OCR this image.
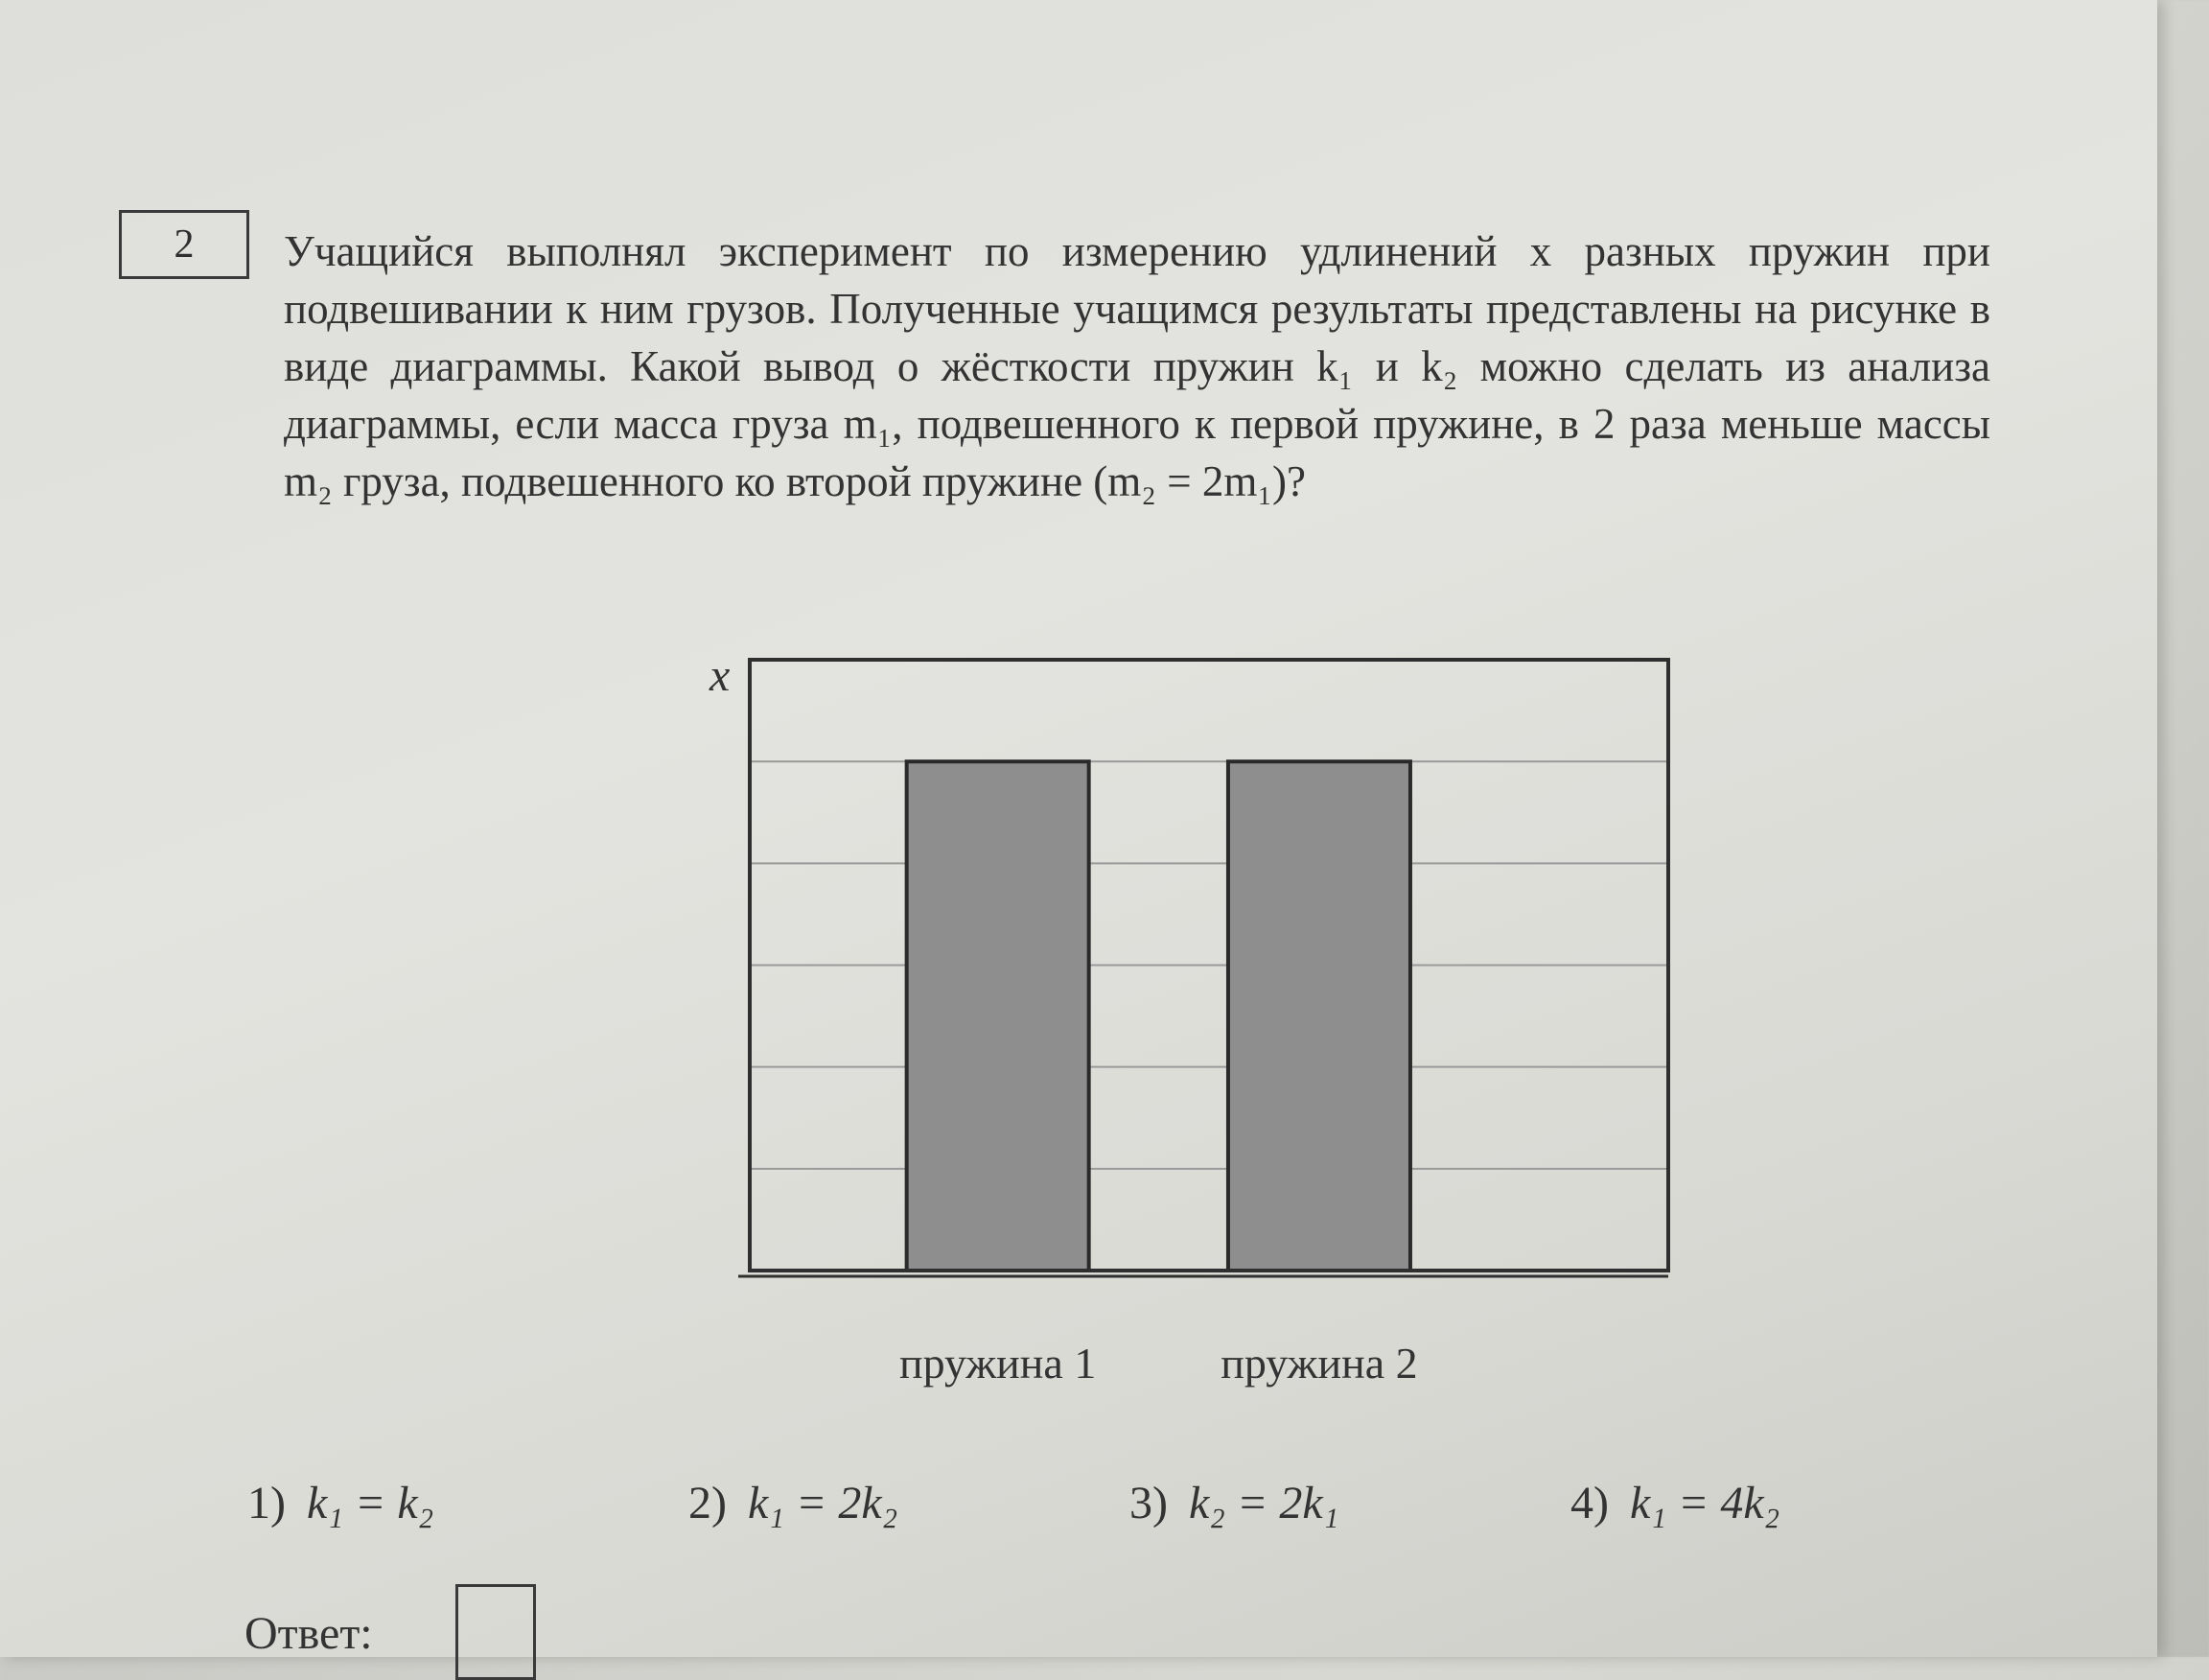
2 Учащийся выполнял эксперимент по измерению удлинений x разных пружин при подвешивании к ним грузов. Полученные учащимся результаты представлены на рисунке в виде диаграммы. Какой вывод о жёсткости пружин k₁ и k₂ можно сделать из анализа диаграммы, если масса груза m₁, подвешенного к первой пружине, в 2 раза меньше массы m₂ груза, подвешенного ко второй пружине (m₂ = 2m₁)?
x
пружина 1	пружина 2
1) k₁ = k₂	2) k₁ = 2k₂	3) k₂ = 2k₁	4) k₁ = 4k₂
Ответ:
